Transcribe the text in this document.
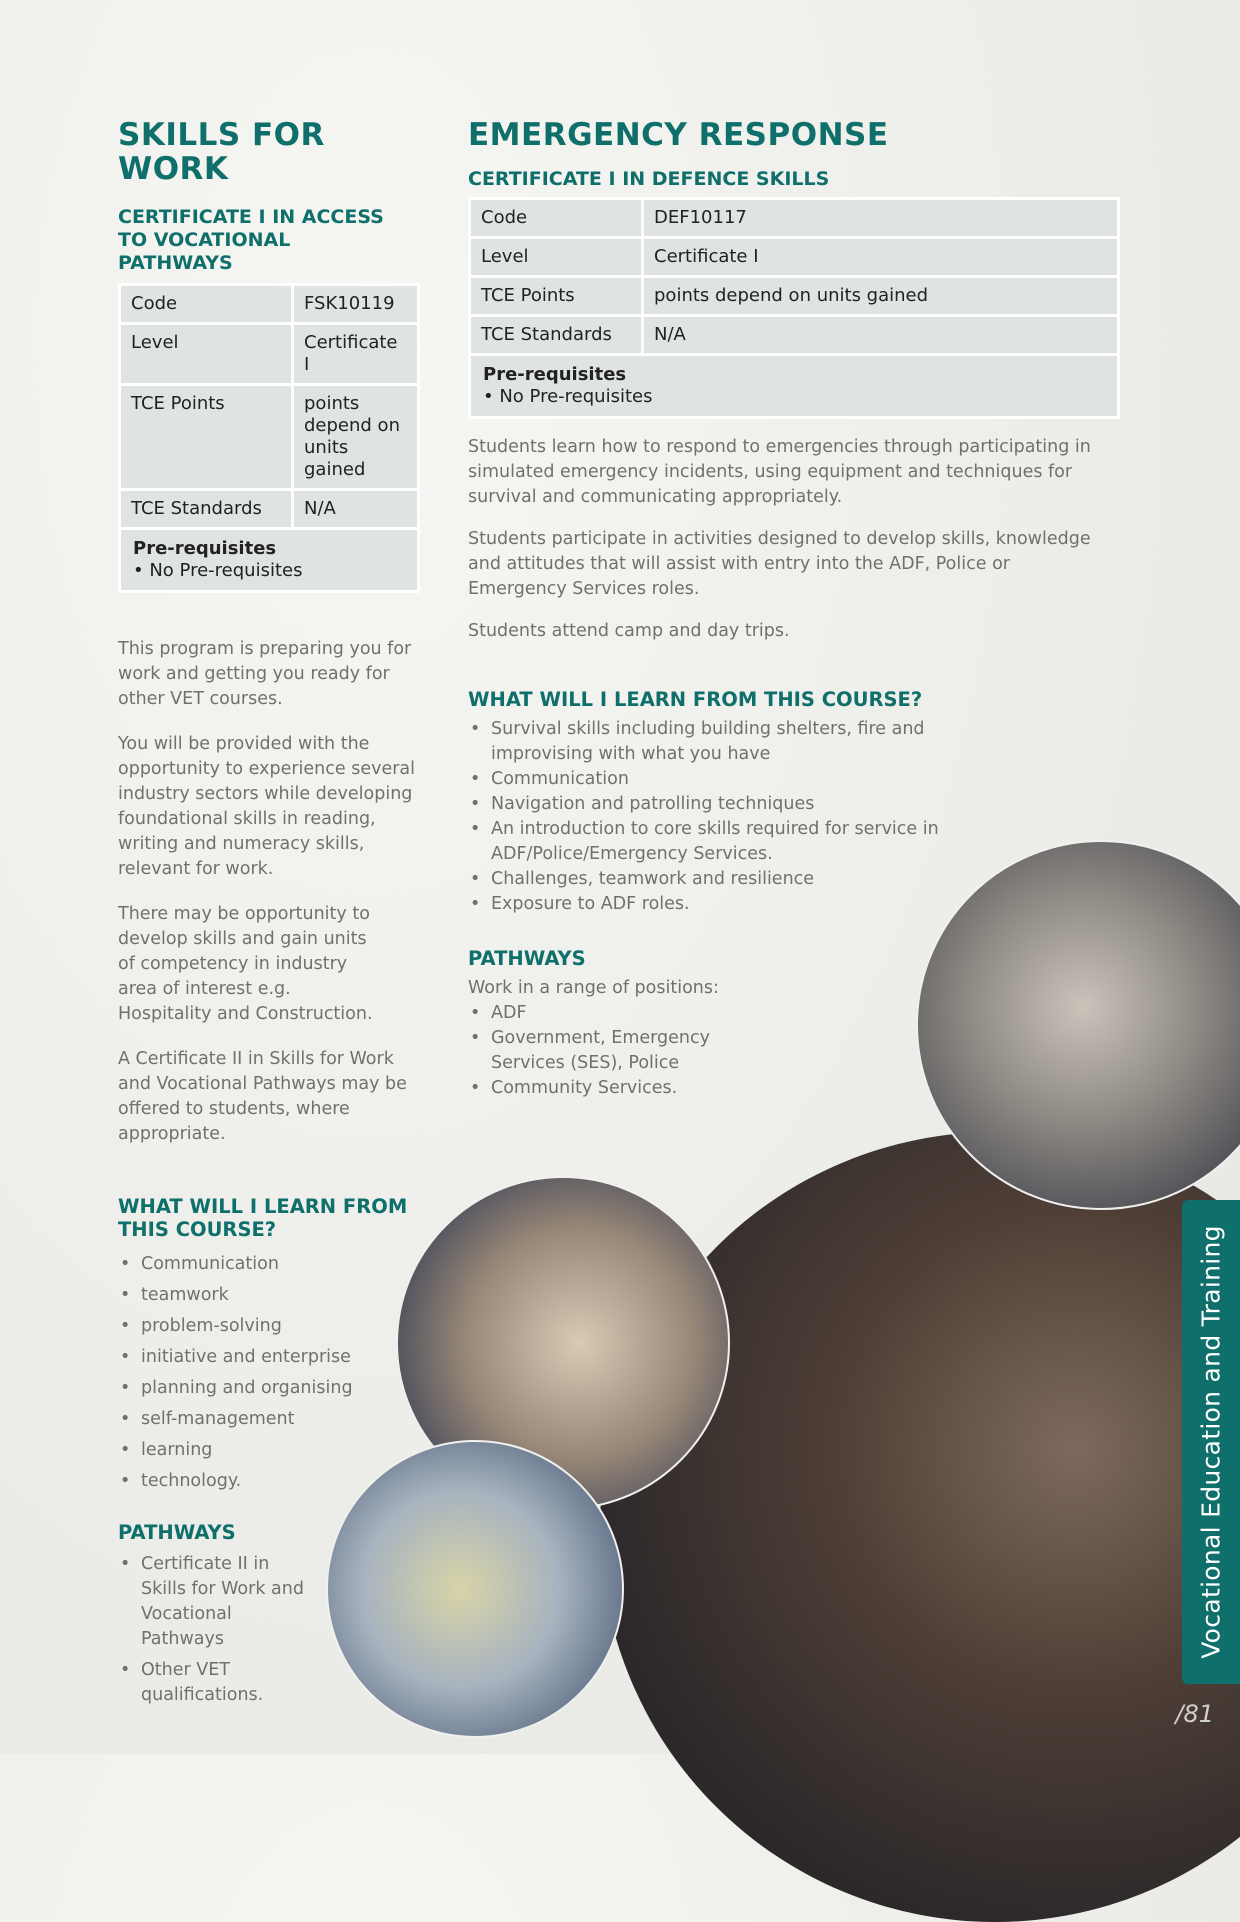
SKILLS FOR WORK
CERTIFICATE I IN ACCESS TO VOCATIONAL PATHWAYS
Code	FSK10119
Level	Certificate I
TCE Points	points depend on units gained
TCE Standards	N/A

Pre-requisites
• No Pre-requisites	

This program is preparing you for work and getting you ready for other VET courses.

You will be provided with the opportunity to experience several industry sectors while developing foundational skills in reading, writing and numeracy skills, relevant for work.

There may be opportunity to develop skills and gain units of competency in industry area of interest e.g. Hospitality and Construction.

A Certificate II in Skills for Work and Vocational Pathways may be offered to students, where appropriate.

WHAT WILL I LEARN FROM THIS COURSE?
• Communication
• teamwork
• problem-solving
• initiative and enterprise
• planning and organising
• self-management
• learning
• technology.
PATHWAYS
• Certificate II in Skills for Work and Vocational Pathways
• Other VET qualifications.
EMERGENCY RESPONSE
CERTIFICATE I IN DEFENCE SKILLS
Code	DEF10117
Level	Certificate I
TCE Points	points depend on units gained
TCE Standards	N/A

Pre-requisites
• No Pre-requisites	

Students learn how to respond to emergencies through participating in simulated emergency incidents, using equipment and techniques for survival and communicating appropriately.

Students participate in activities designed to develop skills, knowledge and attitudes that will assist with entry into the ADF, Police or Emergency Services roles.

Students attend camp and day trips.

WHAT WILL I LEARN FROM THIS COURSE?
• Survival skills including building shelters, fire and improvising with what you have
• Communication
• Navigation and patrolling techniques
• An introduction to core skills required for service in ADF/Police/Emergency Services.
• Challenges, teamwork and resilience
• Exposure to ADF roles.
PATHWAYS
Work in a range of positions:
• ADF
• Government, Emergency Services (SES), Police
• Community Services.
Vocational Education and Training
/81
